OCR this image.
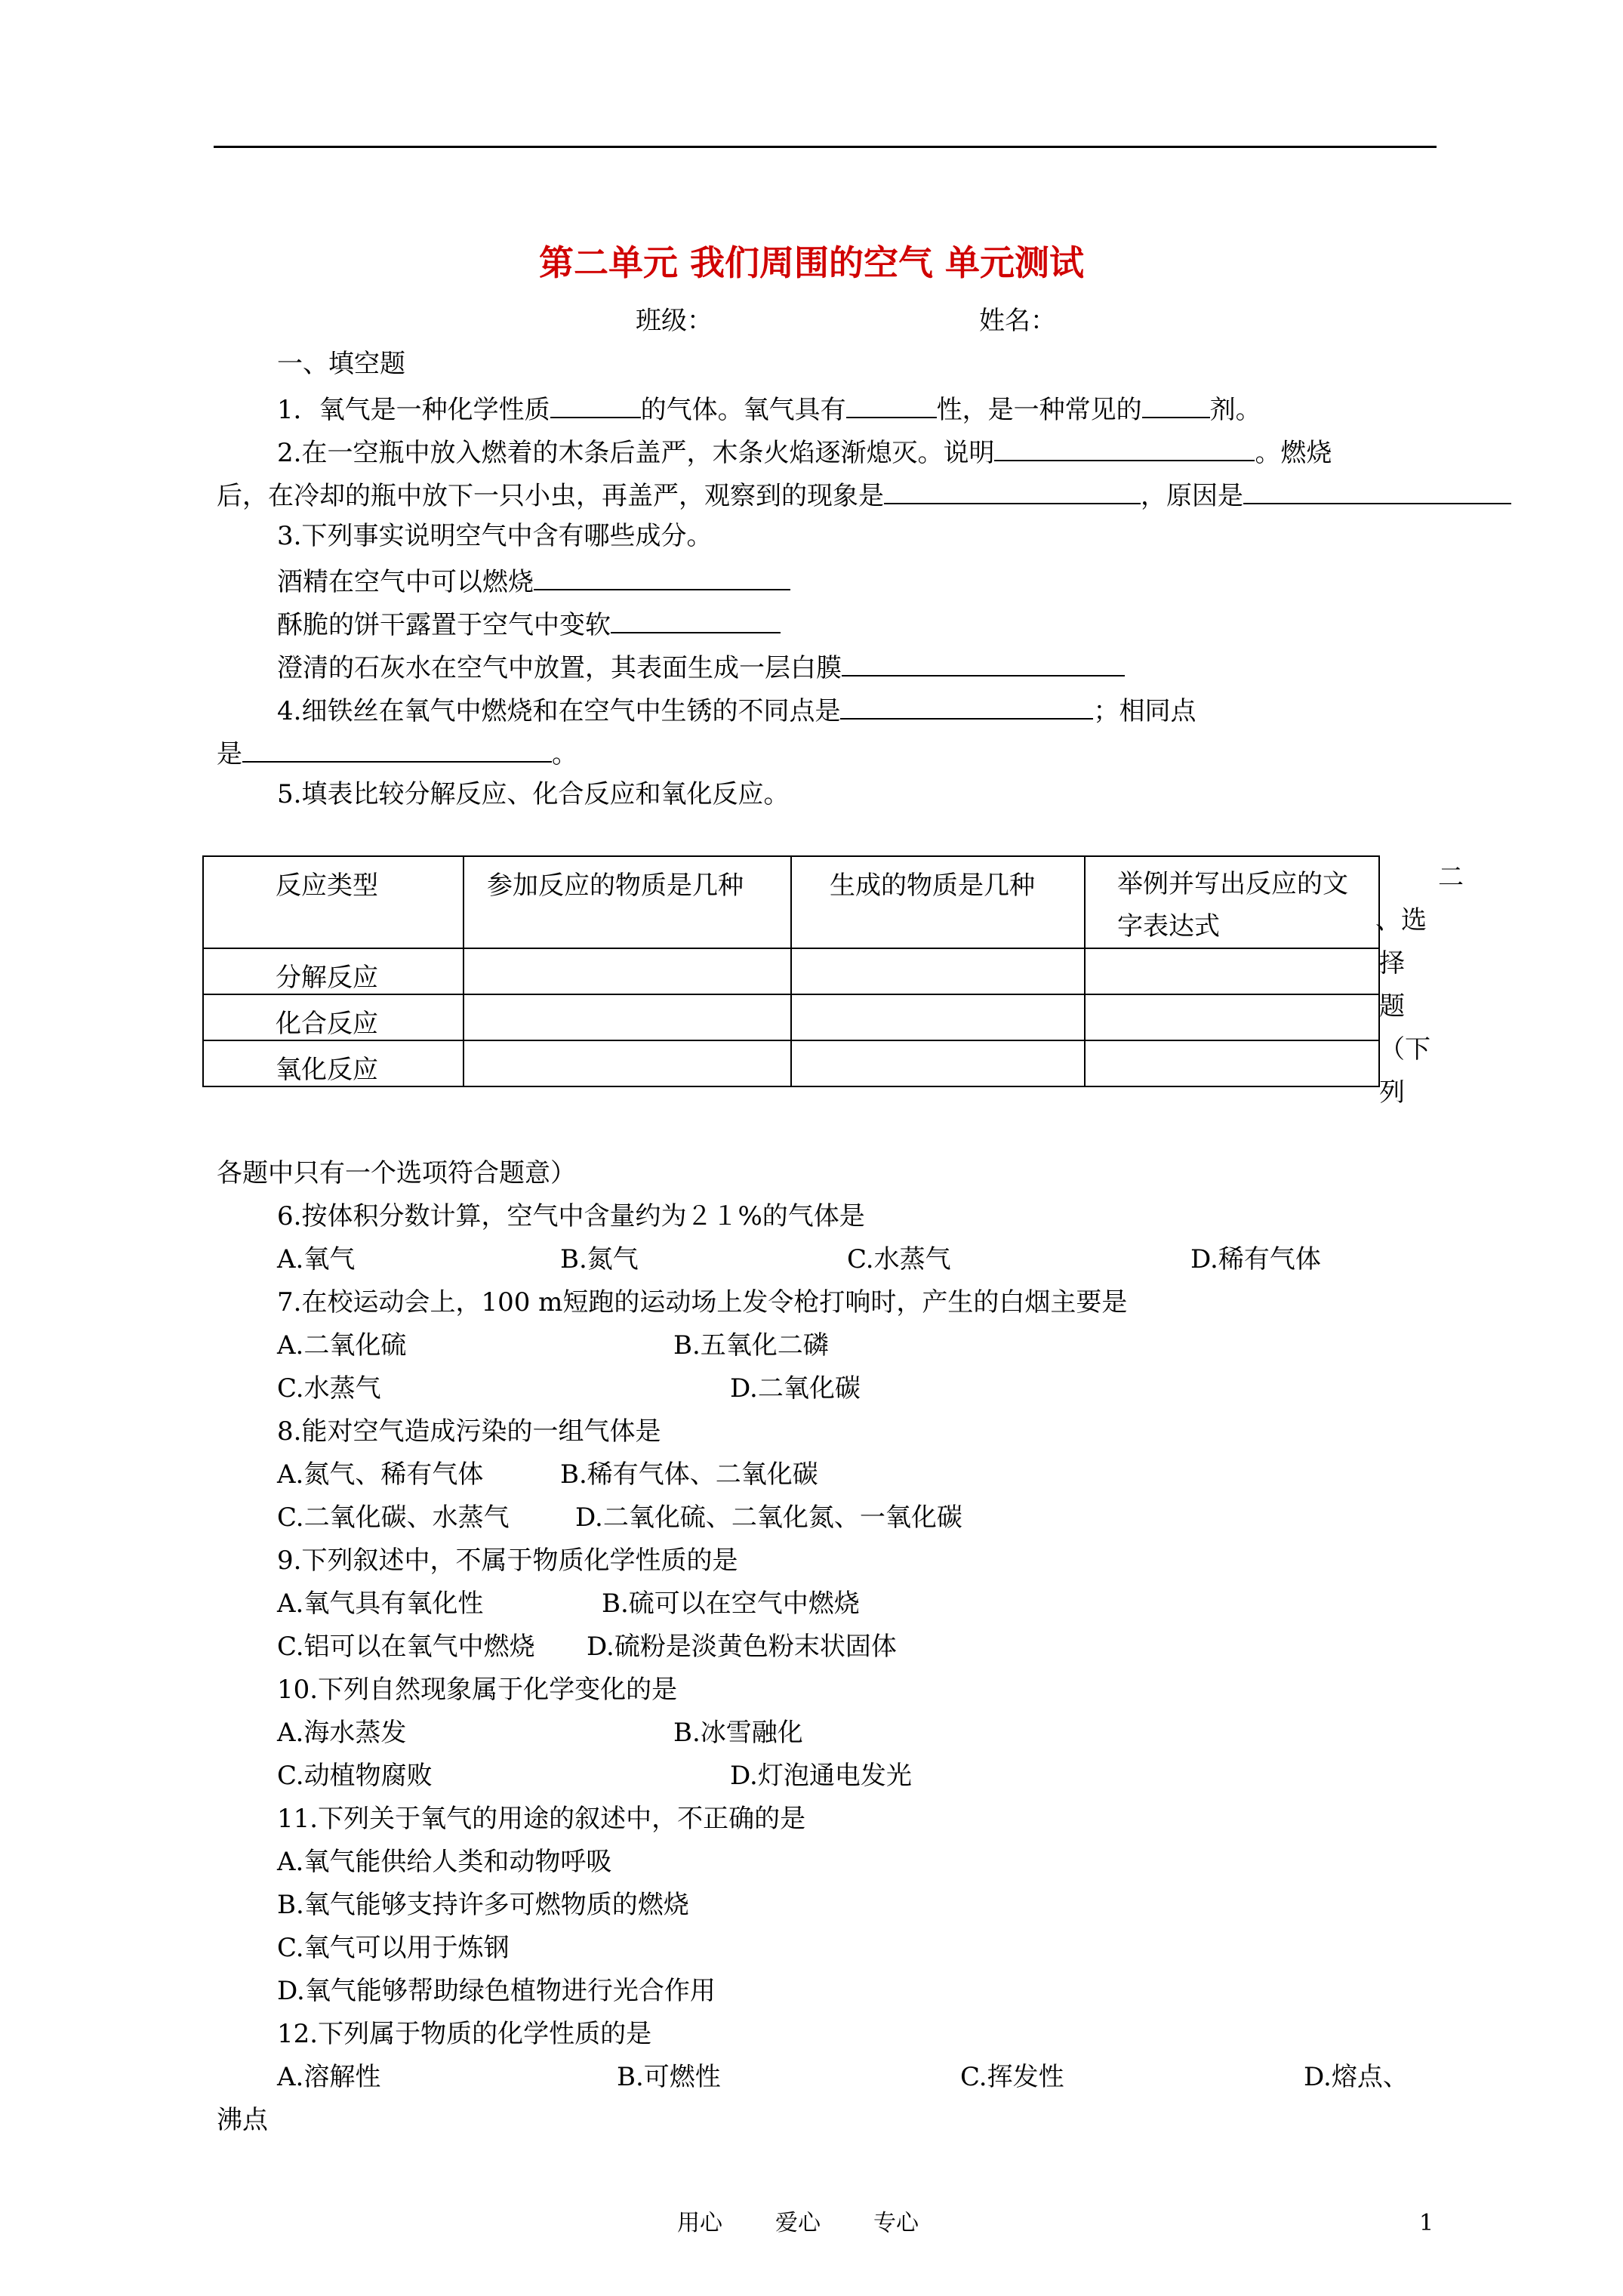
第二单元 我们周围的空气 单元测试
班级：	姓名：
一、填空题
1．氧气是一种化学性质	的气体。氧气具有	性，是一种常见的	剂。
2.在一空瓶中放入燃着的木条后盖严，木条火焰逐渐熄灭。说明	。燃烧
后，在冷却的瓶中放下一只小虫，再盖严，观察到的现象是	，原因是
3.下列事实说明空气中含有哪些成分。
酒精在空气中可以燃烧
酥脆的饼干露置于空气中变软
澄清的石灰水在空气中放置，其表面生成一层白膜
4.细铁丝在氧气中燃烧和在空气中生锈的不同点是	；相同点
是	。
5.填表比较分解反应、化合反应和氧化反应。
反应类型	参加反应的物质是几种	生成的物质是几种	举例并写出反应的文字表达式
分解反应			
化合反应			
氧化反应			
二
、选
择
题
（下
列
各题中只有一个选项符合题意）
6.按体积分数计算，空气中含量约为２１%的气体是
A.氧气	B.氮气	C.水蒸气	D.稀有气体
7.在校运动会上，100 m短跑的运动场上发令枪打响时，产生的白烟主要是
A.二氧化硫	B.五氧化二磷
C.水蒸气	D.二氧化碳
8.能对空气造成污染的一组气体是
A.氮气、稀有气体	B.稀有气体、二氧化碳
C.二氧化碳、水蒸气	D.二氧化硫、二氧化氮、一氧化碳
9.下列叙述中，不属于物质化学性质的是
A.氧气具有氧化性	B.硫可以在空气中燃烧
C.铝可以在氧气中燃烧 D.硫粉是淡黄色粉末状固体
10.下列自然现象属于化学变化的是
A.海水蒸发	B.冰雪融化
C.动植物腐败	D.灯泡通电发光
11.下列关于氧气的用途的叙述中，不正确的是
A.氧气能供给人类和动物呼吸
B.氧气能够支持许多可燃物质的燃烧
C.氧气可以用于炼钢
D.氧气能够帮助绿色植物进行光合作用
12.下列属于物质的化学性质的是
A.溶解性	B.可燃性	C.挥发性	D.熔点、
沸点
用心 爱心 专心	1
